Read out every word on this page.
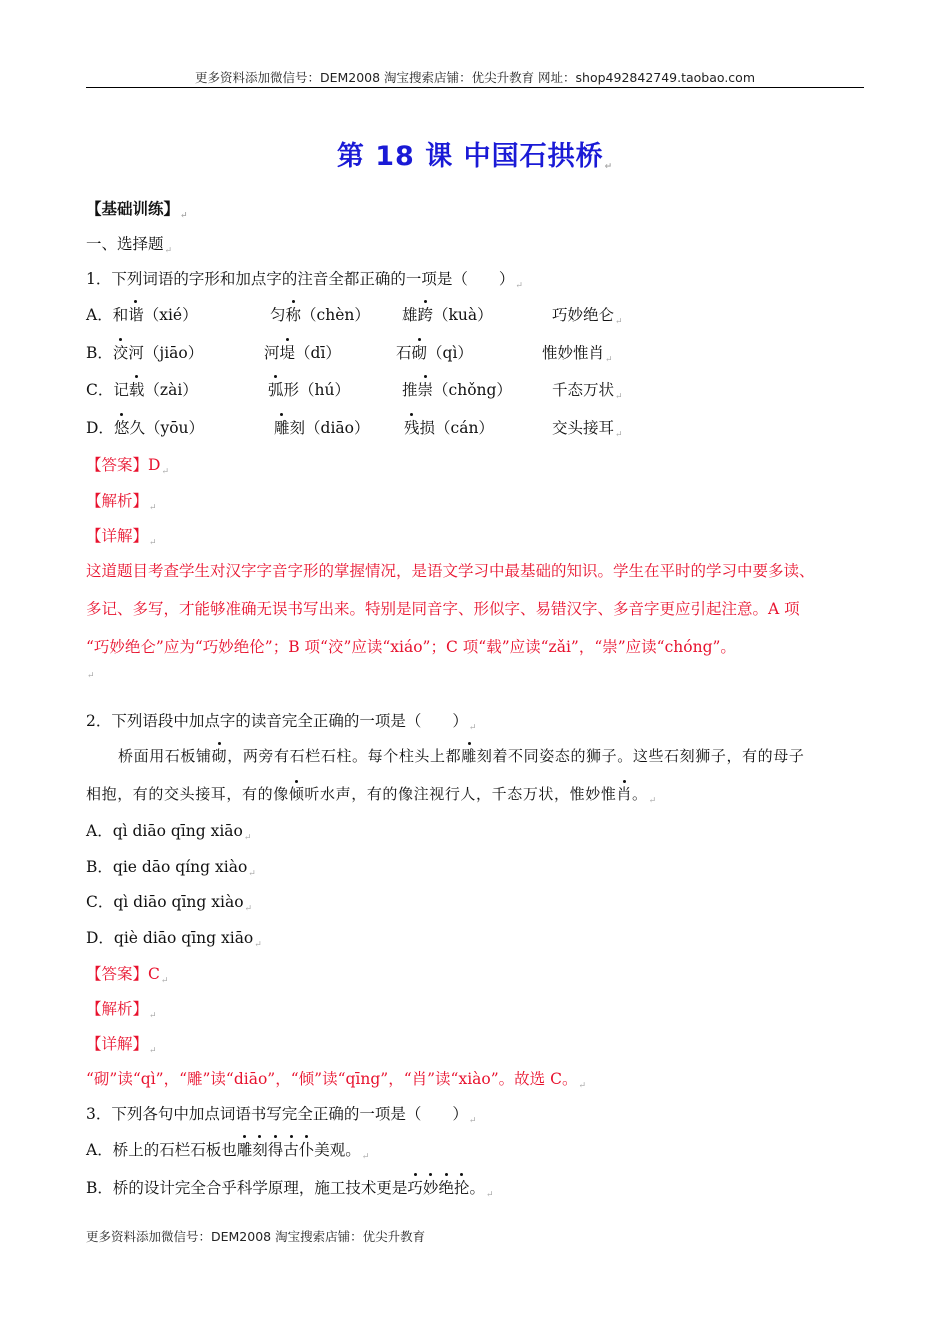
更多资料添加微信号：DEM2008 淘宝搜索店铺：优尖升教育 网址：shop492842749.taobao.com
第 18 课 中国石拱桥↵
【基础训练】$_↵$
一、选择题$_↵$
1．下列词语的字形和加点字的注音全都正确的一项是（　　）$_↵$
A．和谐（xié）	匀称（chèn） 雄跨（kuà）	巧妙绝仑$_↵$
B．洨河（jiāo）	河堤（dī）	石砌（qì）	惟妙惟肖$_↵$
C．记载（zài）	弧形（hú）	推崇（chǒng）	千态万状$_↵$
D．悠久（yōu）	雕刻（diāo） 残损（cán）	交头接耳$_↵$
【答案】$D_↵$
【解析】$_↵$
【详解】$_↵$
这道题目考查学生对汉字字音字形的掌握情况，是语文学习中最基础的知识。学生在平时的学习中要多读、
多记、多写，才能够准确无误书写出来。特别是同音字、形似字、易错汉字、多音字更应引起注意。A 项
“巧妙绝仑”应为“巧妙绝伦”；B 项“洨”应读“xiáo”；C 项“载”应读“zǎi”，“崇”应读“chóng”。
$_↵$
2．下列语段中加点字的读音完全正确的一项是（　　）$_↵$
桥面用石板铺砌，两旁有石栏石柱。每个柱头上都雕刻着不同姿态的狮子。这些石刻狮子，有的母子
相抱，有的交头接耳，有的像倾听水声，有的像注视行人，千态万状，惟妙惟肖。$_↵$
A．qì diāo qīng xiāo$_↵$
B．qie dāo qíng xiào$_↵$
C．qì diāo qīng xiào$_↵$
D．qiè diāo qīng xiāo$_↵$
【答案】$C_↵$
【解析】$_↵$
【详解】$_↵$
“砌”读“qì”，“雕”读“diāo”，“倾”读“qīng”，“肖”读“xiào”。故选 C。$_↵$
3．下列各句中加点词语书写完全正确的一项是（　　）$_↵$
A．桥上的石栏石板也雕刻得古仆美观。$_↵$
B．桥的设计完全合乎科学原理，施工技术更是巧妙绝抡。$_↵$
更多资料添加微信号：DEM2008 淘宝搜索店铺：优尖升教育
